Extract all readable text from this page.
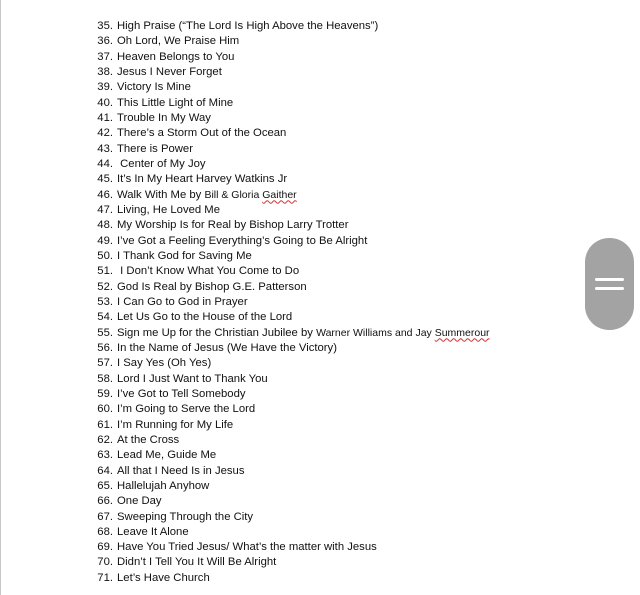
35. High Praise (“The Lord Is High Above the Heavens”)
36. Oh Lord, We Praise Him
37. Heaven Belongs to You
38. Jesus I Never Forget
39. Victory Is Mine
40. This Little Light of Mine
41. Trouble In My Way
42. There’s a Storm Out of the Ocean
43. There is Power
44. Center of My Joy
45. It’s In My Heart Harvey Watkins Jr
46. Walk With Me by Bill & Gloria Gaither
47. Living, He Loved Me
48. My Worship Is for Real by Bishop Larry Trotter
49. I’ve Got a Feeling Everything’s Going to Be Alright
50. I Thank God for Saving Me
51. I Don’t Know What You Come to Do
52. God Is Real by Bishop G.E. Patterson
53. I Can Go to God in Prayer
54. Let Us Go to the House of the Lord
55. Sign me Up for the Christian Jubilee by Warner Williams and Jay Summerour
56. In the Name of Jesus (We Have the Victory)
57. I Say Yes (Oh Yes)
58. Lord I Just Want to Thank You
59. I’ve Got to Tell Somebody
60. I’m Going to Serve the Lord
61. I’m Running for My Life
62. At the Cross
63. Lead Me, Guide Me
64. All that I Need Is in Jesus
65. Hallelujah Anyhow
66. One Day
67. Sweeping Through the City
68. Leave It Alone
69. Have You Tried Jesus/ What’s the matter with Jesus
70. Didn’t I Tell You It Will Be Alright
71. Let’s Have Church
